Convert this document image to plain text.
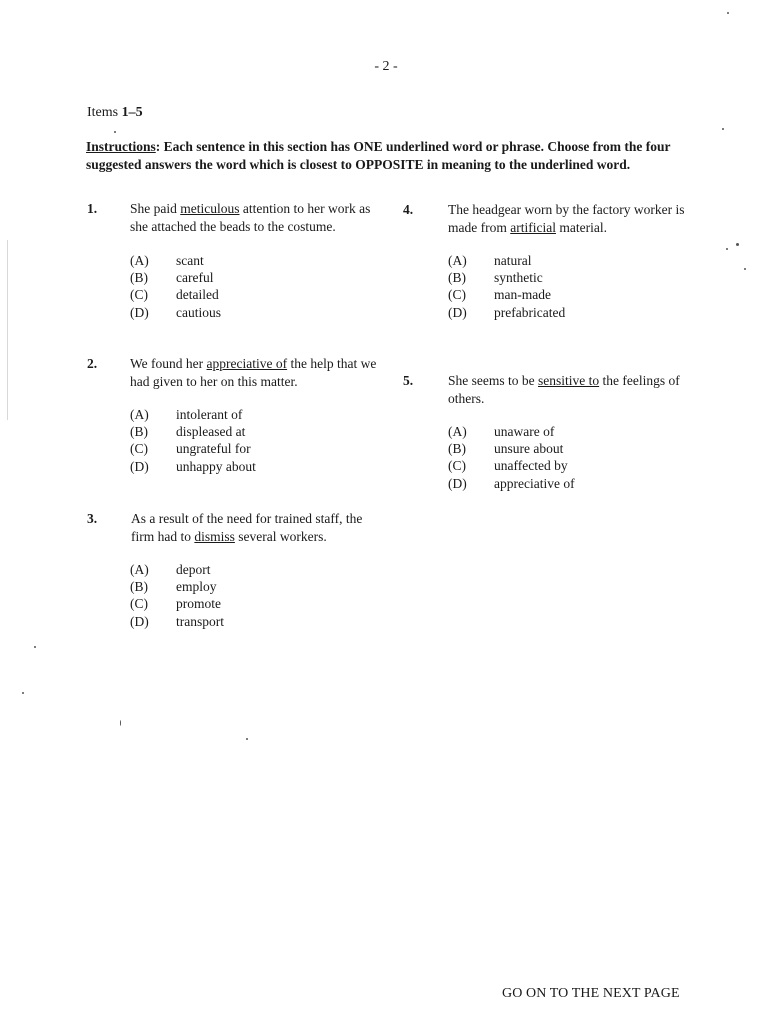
- 2 -
Items 1–5
Instructions: Each sentence in this section has ONE underlined word or phrase. Choose from the four suggested answers the word which is closest to OPPOSITE in meaning to the underlined word.
1. She paid meticulous attention to her work as she attached the beads to the costume.
(A) scant
(B) careful
(C) detailed
(D) cautious
2. We found her appreciative of the help that we had given to her on this matter.
(A) intolerant of
(B) displeased at
(C) ungrateful for
(D) unhappy about
3.	As a result of the need for trained staff, the firm had to dismiss several workers.
(A) deport
(B) employ
(C) promote
(D) transport
4.	The headgear worn by the factory worker is made from artificial material.
(A) natural
(B) synthetic
(C) man-made
(D) prefabricated
5.	She seems to be sensitive to the feelings of others.
(A) unaware of
(B) unsure about
(C) unaffected by
(D) appreciative of
GO ON TO THE NEXT PAGE
